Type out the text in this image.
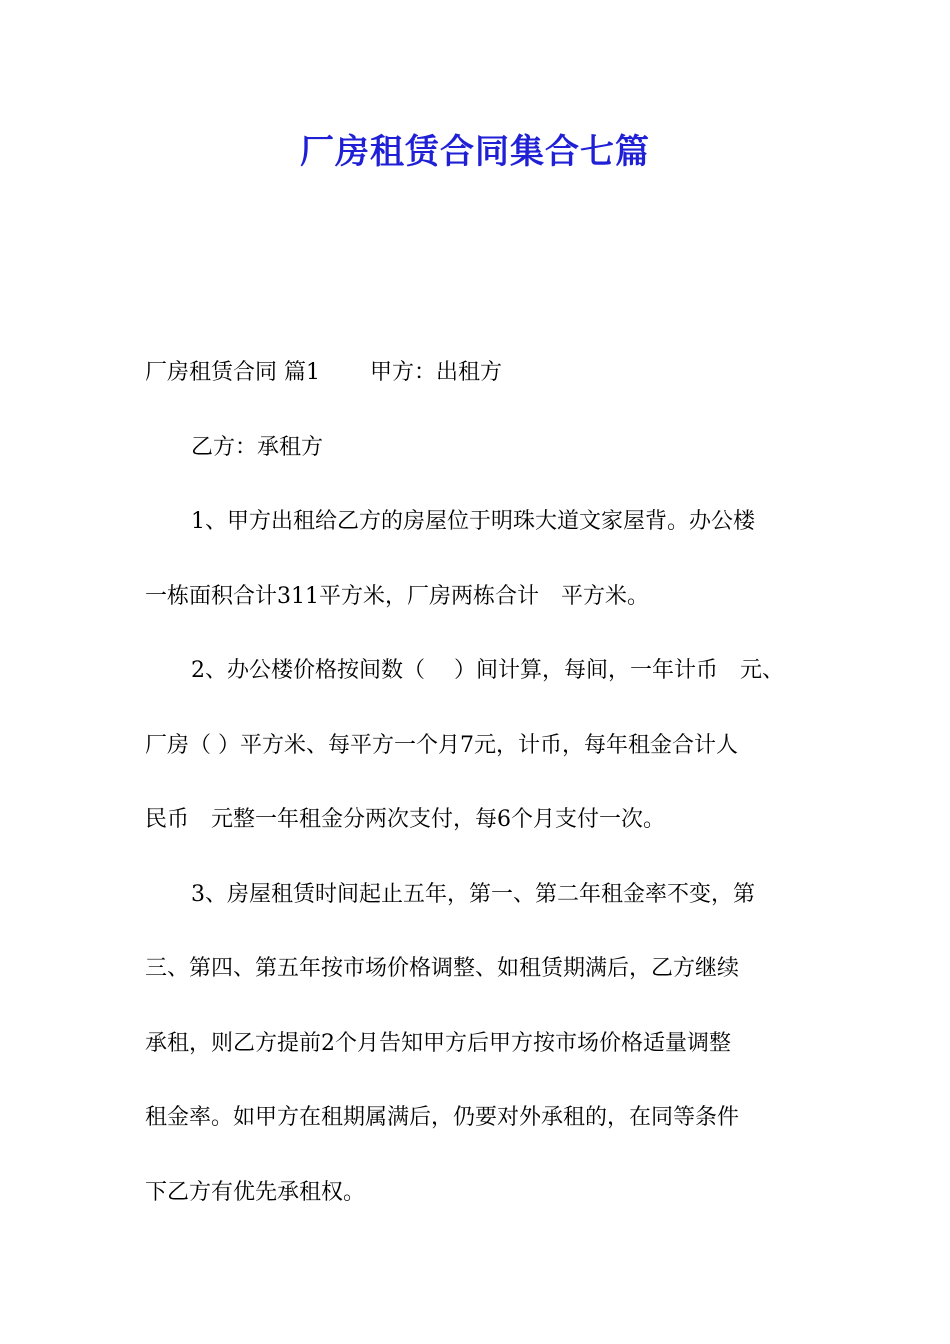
厂房租赁合同集合七篇
厂房租赁合同 篇1 甲方：出租方
乙方：承租方
1、甲方出租给乙方的房屋位于明珠大道文家屋背。办公楼
一栋面积合计311平方米，厂房两栋合计　平方米。
2、办公楼价格按间数（　 ）间计算，每间，一年计币　元、
厂房（ ）平方米、每平方一个月7元，计币，每年租金合计人
民币　元整一年租金分两次支付，每6个月支付一次。
3、房屋租赁时间起止五年，第一、第二年租金率不变，第
三、第四、第五年按市场价格调整、如租赁期满后，乙方继续
承租，则乙方提前2个月告知甲方后甲方按市场价格适量调整
租金率。如甲方在租期属满后，仍要对外承租的，在同等条件
下乙方有优先承租权。
